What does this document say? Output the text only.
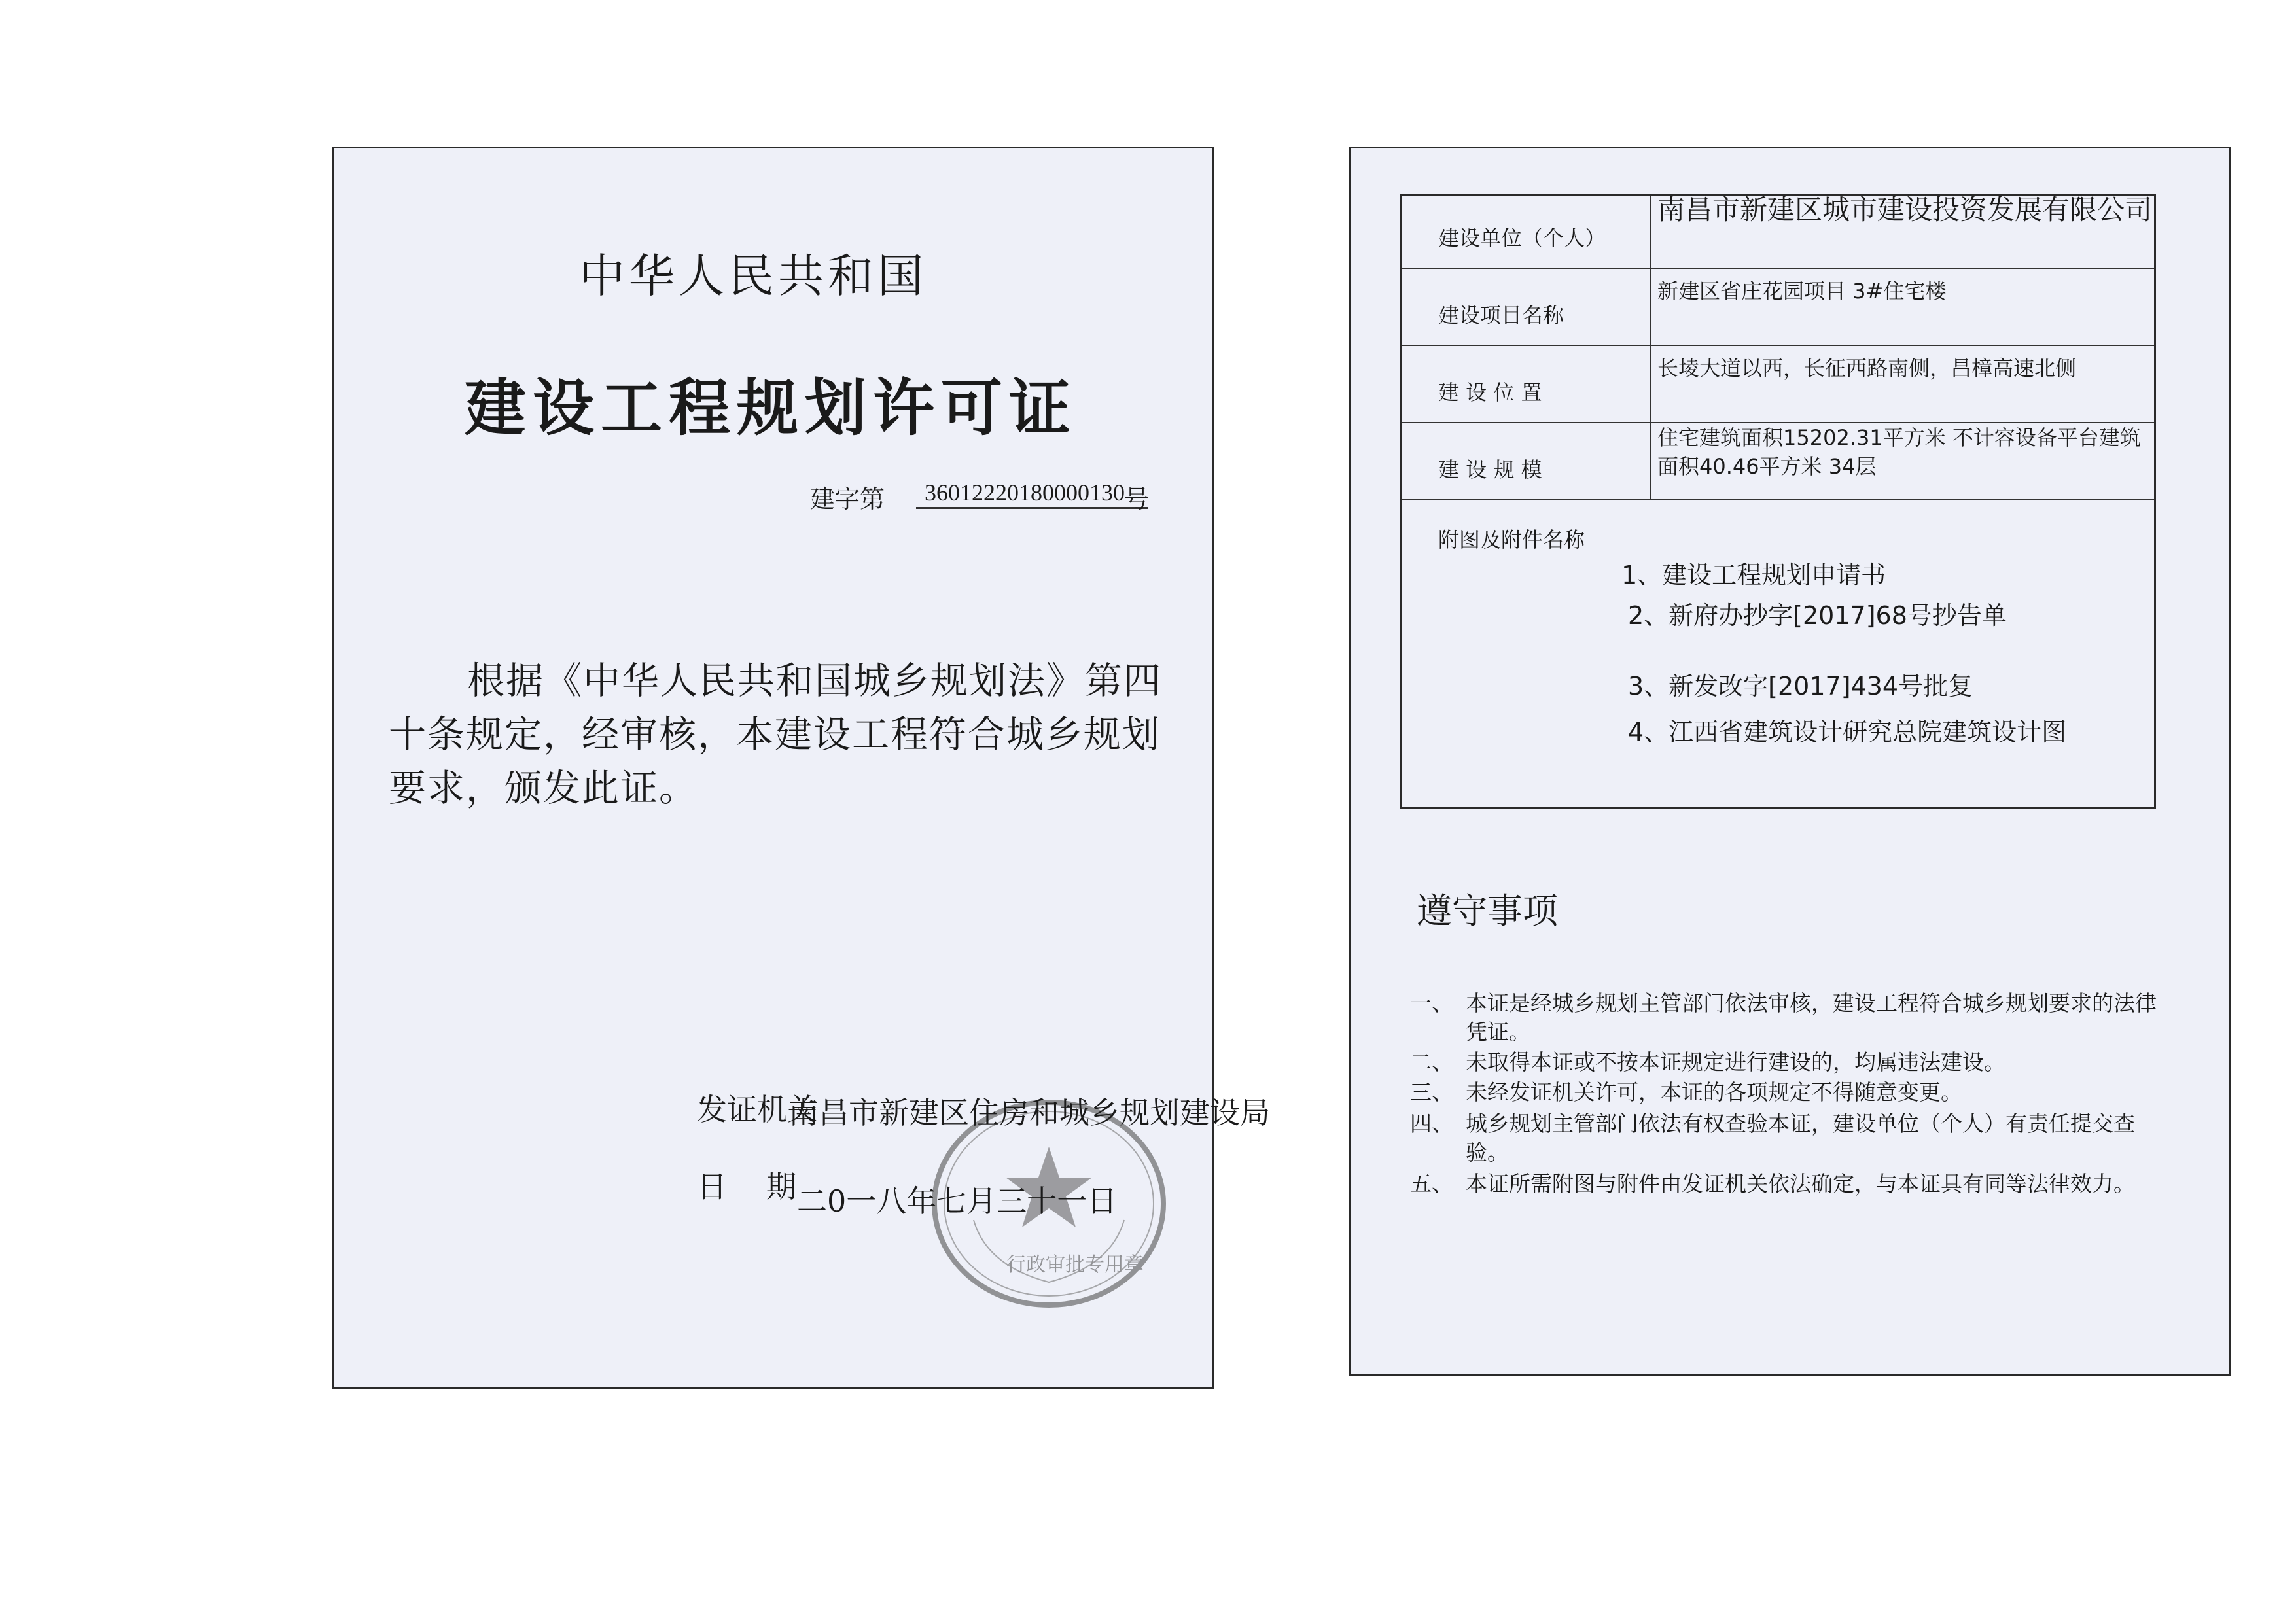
中华人民共和国
建设工程规划许可证
建字第 36012220180000130 号
根据《中华人民共和国城乡规划法》第四十条规定，经审核，本建设工程符合城乡规划要求，颁发此证。
行政审批专用章
发证机关
南昌市新建区住房和城乡规划建设局
日期
二0一八年七月三十一日
建设单位（个人）
南昌市新建区城市建设投资发展有限公司
建设项目名称
新建区省庄花园项目 3#住宅楼
建 设 位 置
长堎大道以西，长征西路南侧，昌樟高速北侧
建 设 规 模
住宅建筑面积15202.31平方米 不计容设备平台建筑面积40.46平方米 34层
附图及附件名称
1、建设工程规划申请书
2、新府办抄字[2017]68号抄告单
3、新发改字[2017]434号批复
4、江西省建筑设计研究总院建筑设计图
遵守事项
一、 本证是经城乡规划主管部门依法审核，建设工程符合城乡规划要求的法律凭证。
二、 未取得本证或不按本证规定进行建设的，均属违法建设。
三、 未经发证机关许可，本证的各项规定不得随意变更。
四、 城乡规划主管部门依法有权查验本证，建设单位（个人）有责任提交查验。
五、 本证所需附图与附件由发证机关依法确定，与本证具有同等法律效力。
